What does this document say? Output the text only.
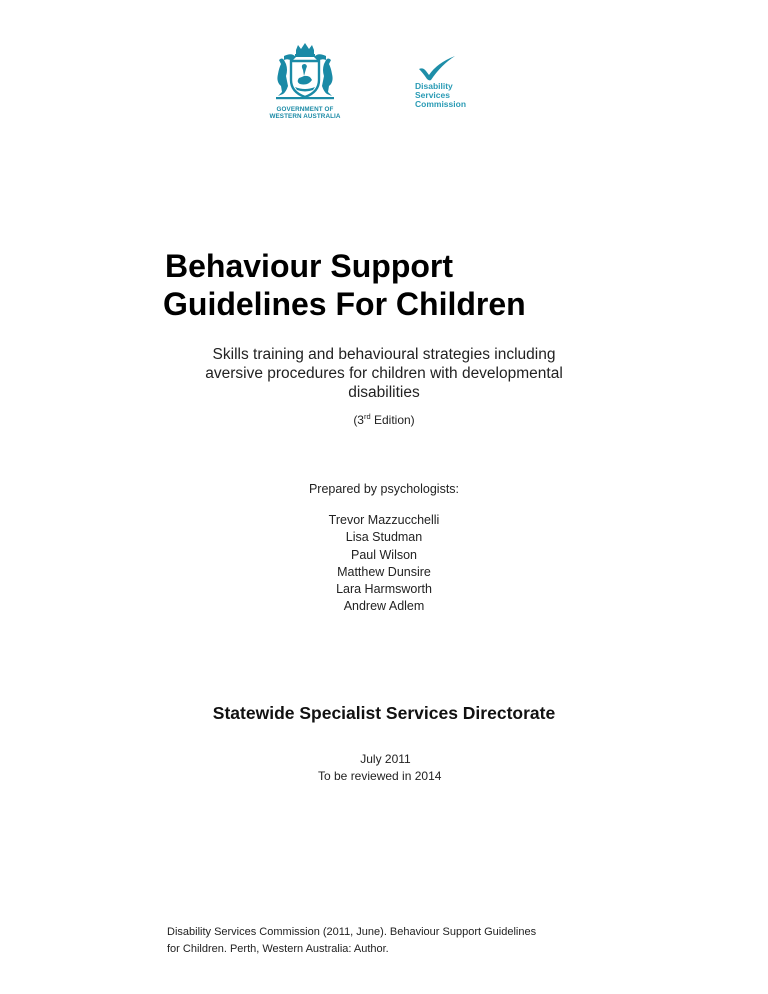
GOVERNMENT OF
WESTERN AUSTRALIA
Disability
Services
Commission
Behaviour Support
Guidelines For Children
Skills training and behavioural strategies including
aversive procedures for children with developmental
disabilities
(3rd Edition)
Prepared by psychologists:
Trevor Mazzucchelli
Lisa Studman
Paul Wilson
Matthew Dunsire
Lara Harmsworth
Andrew Adlem
Statewide Specialist Services Directorate
July 2011
To be reviewed in 2014
Disability Services Commission (2011, June). Behaviour Support Guidelines
for Children. Perth, Western Australia: Author.
